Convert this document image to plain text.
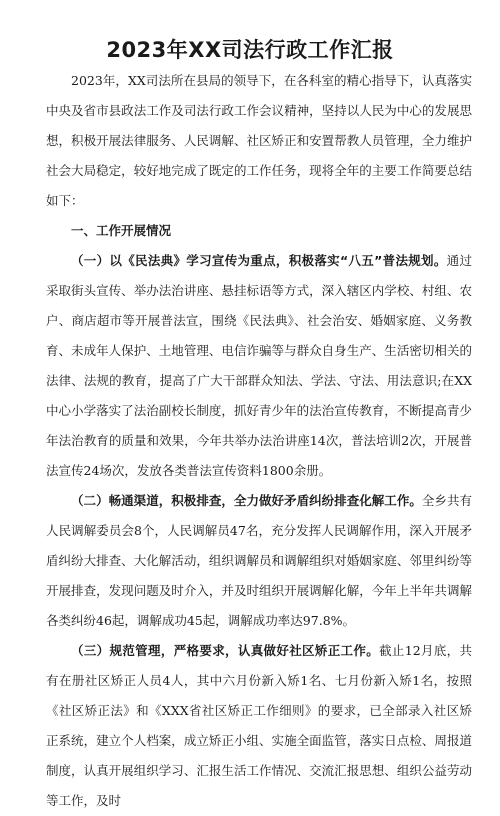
2023年XX司法行政工作汇报

2023年，XX司法所在县局的领导下，在各科室的精心指导下，认真落实中央及省市县政法工作及司法行政工作会议精神，坚持以人民为中心的发展思想，积极开展法律服务、人民调解、社区矫正和安置帮教人员管理，全力维护社会大局稳定，较好地完成了既定的工作任务，现将全年的主要工作简要总结如下：

一、工作开展情况

（一）以《民法典》学习宣传为重点，积极落实“八五”普法规划。通过采取街头宣传、举办法治讲座、悬挂标语等方式，深入辖区内学校、村组、农户、商店超市等开展普法宣，围绕《民法典》、社会治安、婚姻家庭、义务教育、未成年人保护、土地管理、电信诈骗等与群众自身生产、生活密切相关的法律、法规的教育，提高了广大干部群众知法、学法、守法、用法意识;在XX中心小学落实了法治副校长制度，抓好青少年的法治宣传教育，不断提高青少年法治教育的质量和效果，今年共举办法治讲座14次，普法培训2次，开展普法宣传24场次，发放各类普法宣传资料1800余册。

（二）畅通渠道，积极排查，全力做好矛盾纠纷排查化解工作。全乡共有人民调解委员会8个，人民调解员47名，充分发挥人民调解作用，深入开展矛盾纠纷大排查、大化解活动，组织调解员和调解组织对婚姻家庭、邻里纠纷等开展排查，发现问题及时介入，并及时组织开展调解化解，今年上半年共调解各类纠纷46起，调解成功45起，调解成功率达97.8%。

（三）规范管理，严格要求，认真做好社区矫正工作。截止12月底，共有在册社区矫正人员4人，其中六月份新入矫1名、七月份新入矫1名，按照《社区矫正法》和《XXX省社区矫正工作细则》的要求，已全部录入社区矫正系统，建立个人档案，成立矫正小组、实施全面监管，落实日点检、周报道制度，认真开展组织学习、汇报生活工作情况、交流汇报思想、组织公益劳动等工作，及时
